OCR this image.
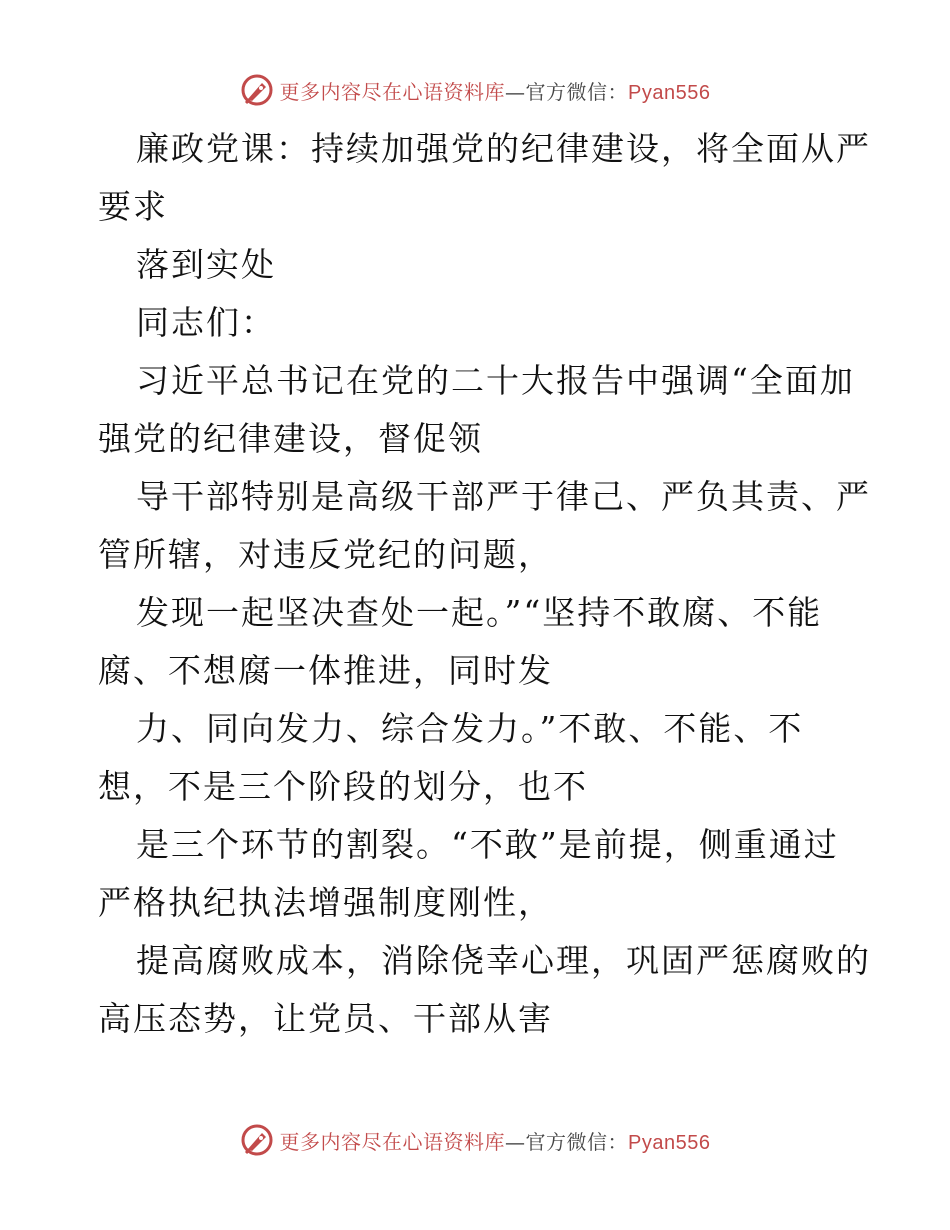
更多内容尽在心语资料库—官方微信：Pyan556

廉政党课：持续加强党的纪律建设，将全面从严

要求

落到实处

同志们：

习近平总书记在党的二十大报告中强调“全面加

强党的纪律建设，督促领

导干部特别是高级干部严于律己、严负其责、严

管所辖，对违反党纪的问题，

发现一起坚决查处一起。”“坚持不敢腐、不能

腐、不想腐一体推进，同时发

力、同向发力、综合发力。”不敢、不能、不

想，不是三个阶段的划分，也不

是三个环节的割裂。“不敢”是前提，侧重通过

严格执纪执法增强制度刚性，

提高腐败成本，消除侥幸心理，巩固严惩腐败的

高压态势，让党员、干部从害

更多内容尽在心语资料库—官方微信：Pyan556
